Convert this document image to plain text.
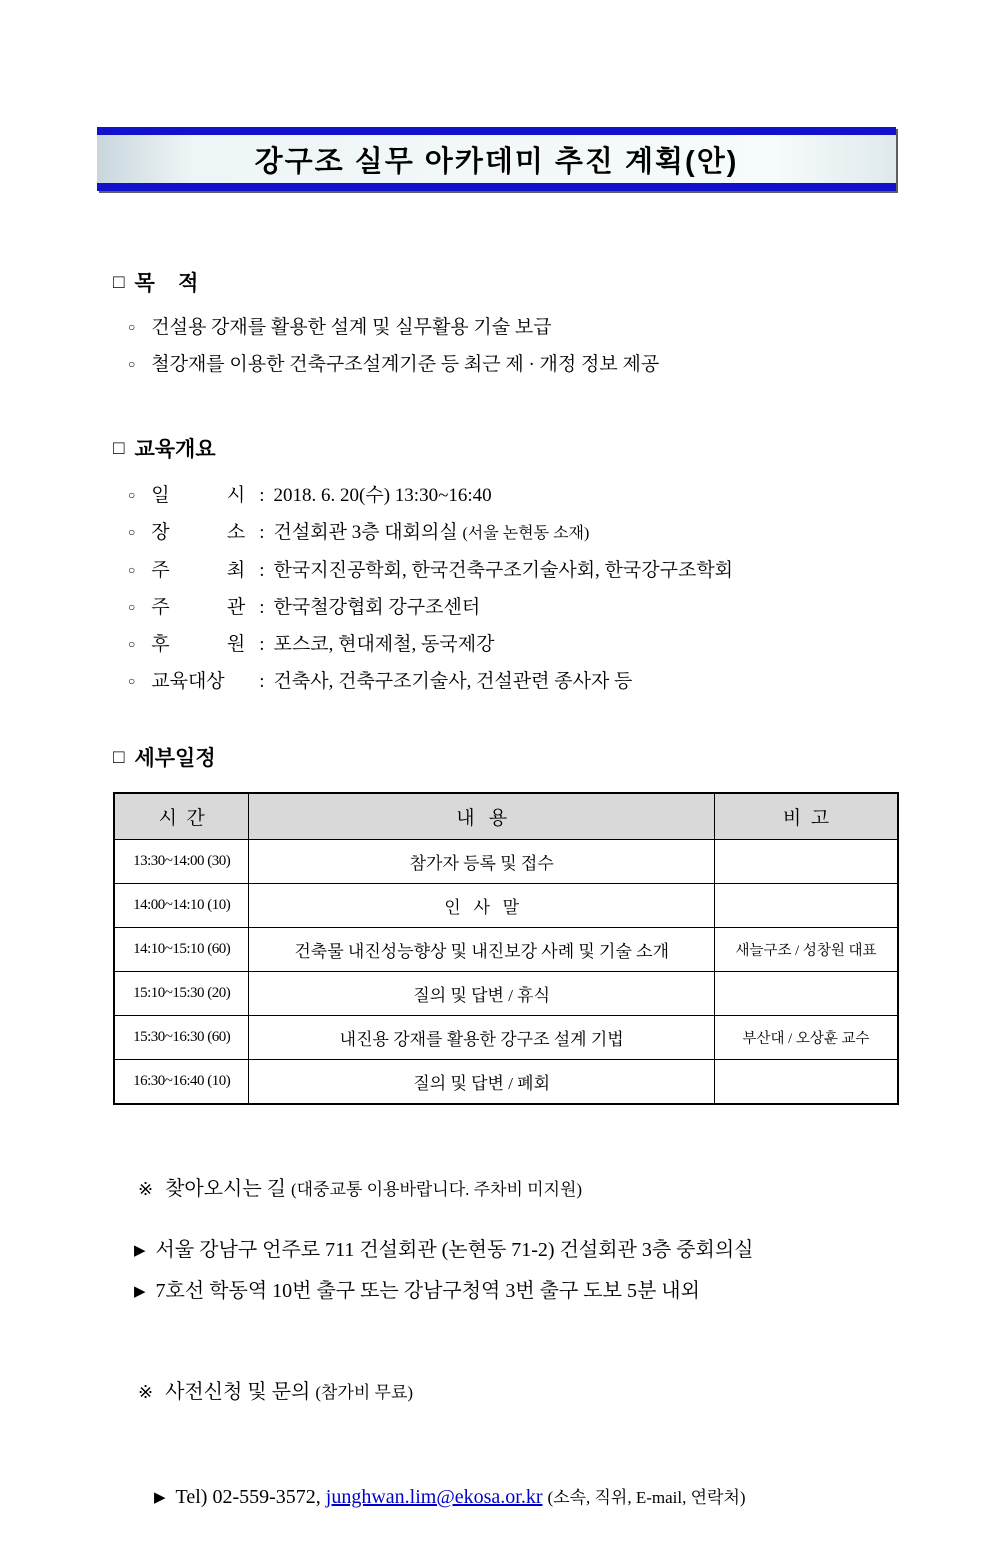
강구조 실무 아카데미 추진 계획(안)
□ 목    적
○ 건설용 강재를 활용한 설계 및 실무활용 기술 보급
○ 철강재를 이용한 건축구조설계기준 등 최근 제 · 개정 정보 제공
□ 교육개요
○ 일 시 : 2018. 6. 20(수) 13:30~16:40
○ 장 소 : 건설회관 3층 대회의실 (서울 논현동 소재)
○ 주 최 : 한국지진공학회, 한국건축구조기술사회, 한국강구조학회
○ 주 관 : 한국철강협회 강구조센터
○ 후 원 : 포스코, 현대제철, 동국제강
○ 교육대상 : 건축사, 건축구조기술사, 건설관련 종사자 등
□ 세부일정
시  간	내   용	비  고
13:30~14:00 (30)	참가자 등록 및 접수	
14:00~14:10 (10)	인   사   말	
14:10~15:10 (60)	건축물 내진성능향상 및 내진보강 사례 및 기술 소개	새늘구조 / 성창원 대표
15:10~15:30 (20)	질의 및 답변 / 휴식	
15:30~16:30 (60)	내진용 강재를 활용한 강구조 설계 기법	부산대 / 오상훈 교수
16:30~16:40 (10)	질의 및 답변 / 폐회	

※ 찾아오시는 길 (대중교통 이용바랍니다. 주차비 미지원)

▶ 서울 강남구 언주로 711 건설회관 (논현동 71-2) 건설회관 3층 중회의실
▶ 7호선 학동역 10번 출구 또는 강남구청역 3번 출구 도보 5분 내외

※ 사전신청 및 문의 (참가비 무료)

▶ Tel) 02-559-3572, junghwan.lim@ekosa.or.kr (소속, 직위, E-mail, 연락처)
